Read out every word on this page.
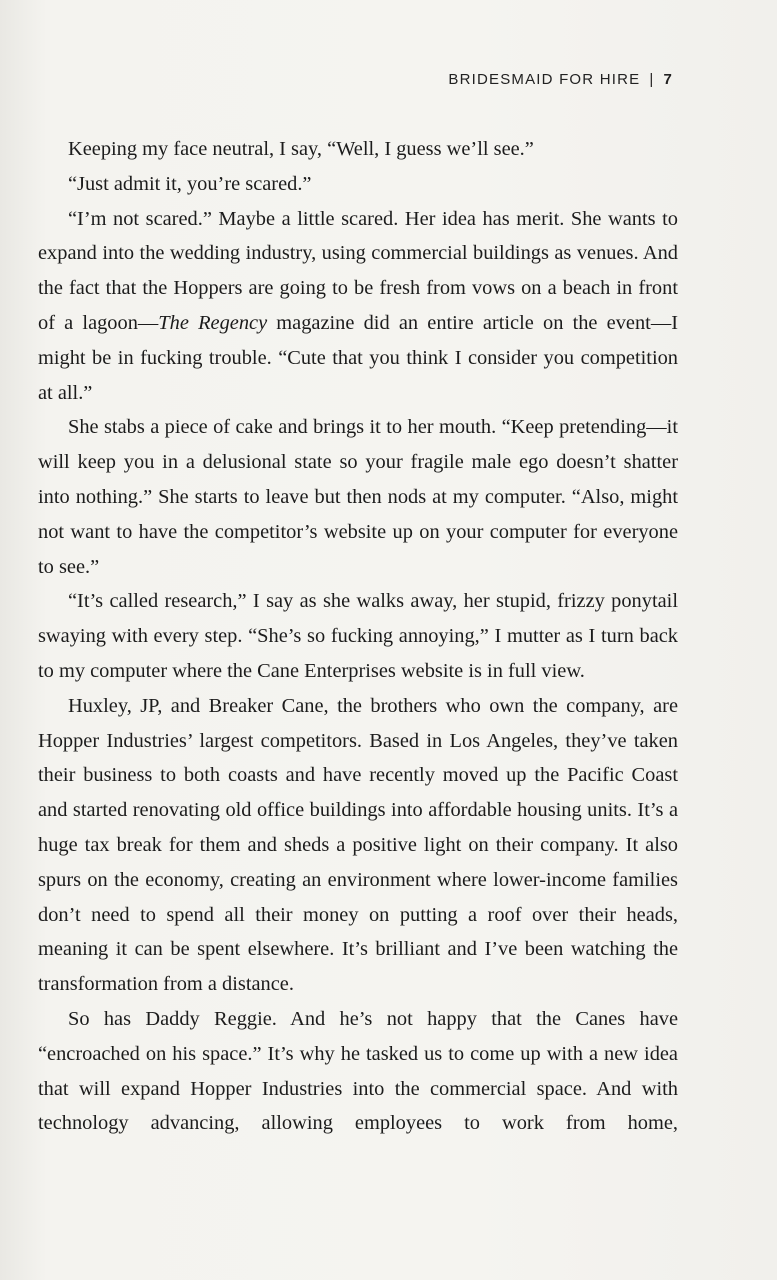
BRIDESMAID FOR HIRE | 7

Keeping my face neutral, I say, “Well, I guess we’ll see.”

“Just admit it, you’re scared.”

“I’m not scared.” Maybe a little scared. Her idea has merit. She wants to expand into the wedding industry, using commercial buildings as venues. And the fact that the Hoppers are going to be fresh from vows on a beach in front of a lagoon—The Regency magazine did an entire article on the event—I might be in fucking trouble. “Cute that you think I consider you competition at all.”

She stabs a piece of cake and brings it to her mouth. “Keep pretending—it will keep you in a delusional state so your fragile male ego doesn’t shatter into nothing.” She starts to leave but then nods at my computer. “Also, might not want to have the competitor’s website up on your computer for everyone to see.”

“It’s called research,” I say as she walks away, her stupid, frizzy ponytail swaying with every step. “She’s so fucking annoying,” I mutter as I turn back to my computer where the Cane Enterprises website is in full view.

Huxley, JP, and Breaker Cane, the brothers who own the company, are Hopper Industries’ largest competitors. Based in Los Angeles, they’ve taken their business to both coasts and have recently moved up the Pacific Coast and started renovating old office buildings into affordable housing units. It’s a huge tax break for them and sheds a positive light on their company. It also spurs on the economy, creating an environment where lower-income families don’t need to spend all their money on putting a roof over their heads, meaning it can be spent elsewhere. It’s brilliant and I’ve been watching the transformation from a distance.

So has Daddy Reggie. And he’s not happy that the Canes have “encroached on his space.” It’s why he tasked us to come up with a new idea that will expand Hopper Industries into the commercial space. And with technology advancing, allowing employees to work from home,
